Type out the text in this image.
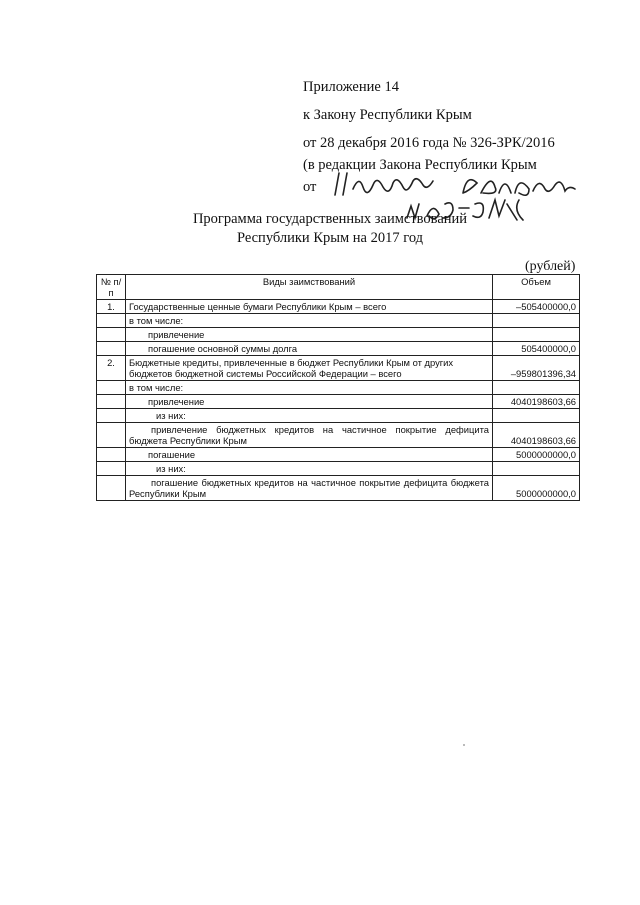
Приложение 14
к Закону Республики Крым
от 28 декабря 2016 года № 326-ЗРК/2016
(в редакции Закона Республики Крым
от
Программа государственных заимствований
Республики Крым на 2017 год
(рублей)
№ п/п	Виды заимствований	Объем
1.	Государственные ценные бумаги Республики Крым – всего	–505400000,0
	в том числе:	
	привлечение	
	погашение основной суммы долга	505400000,0
2.	Бюджетные кредиты, привлеченные в бюджет Республики Крым от других бюджетов бюджетной системы Российской Федерации – всего	–959801396,34
	в том числе:	
	привлечение	4040198603,66
	из них:	
	привлечение бюджетных кредитов на частичное покрытие дефицита бюджета Республики Крым	4040198603,66
	погашение	5000000000,0
	из них:	
	погашение бюджетных кредитов на частичное покрытие дефицита бюджета Республики Крым	5000000000,0
